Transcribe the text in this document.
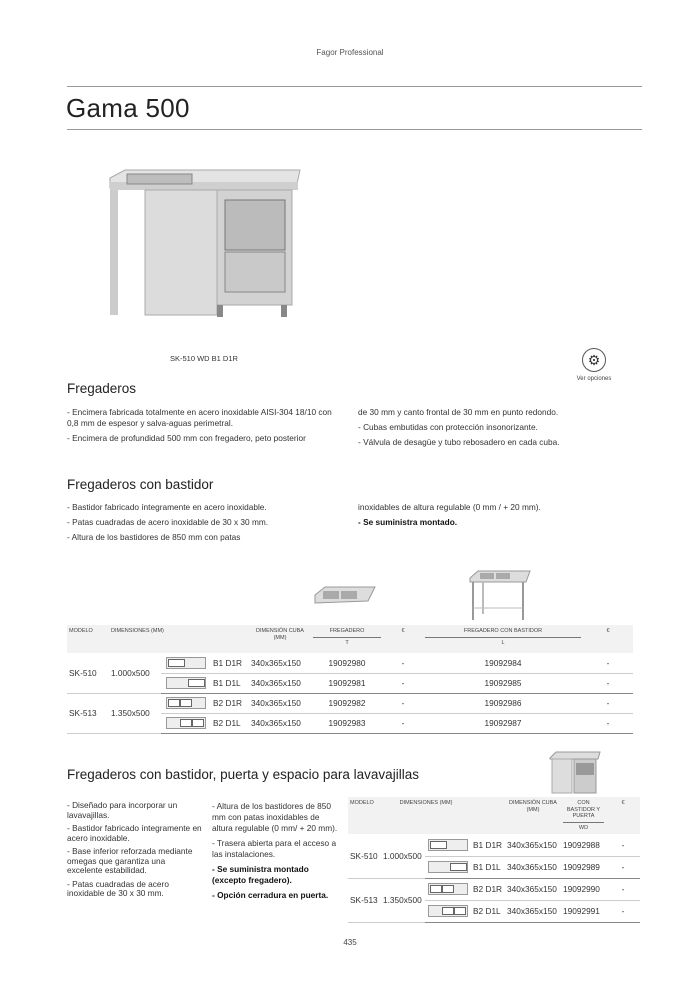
Fagor Professional
Gama 500
SK-510 WD B1 D1R	⚙
Ver opciones
Fregaderos
- Encimera fabricada totalmente en acero inoxidable AISI-304 18/10 con 0,8 mm de espesor y salva-aguas perimetral.
- Encimera de profundidad 500 mm con fregadero, peto posterior
de 30 mm y canto frontal de 30 mm en punto redondo.
- Cubas embutidas con protección insonorizante.
- Válvula de desagüe y tubo rebosadero en cada cuba.
Fregaderos con bastidor
- Bastidor fabricado íntegramente en acero inoxidable.
- Patas cuadradas de acero inoxidable de 30 x 30 mm.
- Altura de los bastidores de 850 mm con patas
inoxidables de altura regulable (0 mm / + 20 mm).
- Se suministra montado.
MODELO	DIMENSIONES (MM)			DIMENSIÓN CUBA (MM)	FREGADERO
T	€	FREGADERO CON BASTIDOR
L	€
SK-510	1.000x500		B1 D1R	340x365x150	19092980	-	19092984	-

			B1 D1L	340x365x150	19092981	-	19092985	-
SK-513	1.350x500		B2 D1R	340x365x150	19092982	-	19092986	-

			B2 D1L	340x365x150	19092983	-	19092987	-
Fregaderos con bastidor, puerta y espacio para lavavajillas
- Diseñado para incorporar un lavavajillas.
- Bastidor fabricado íntegramente en acero inoxidable.
- Base inferior reforzada mediante omegas que garantiza una excelente estabilidad.
- Patas cuadradas de acero inoxidable de 30 x 30 mm.
- Altura de los bastidores de 850 mm con patas inoxidables de altura regulable (0 mm/ + 20 mm).
- Trasera abierta para el acceso a las instalaciones.
- Se suministra montado (excepto fregadero).
- Opción cerradura en puerta.
MODELO	DIMENSIONES (MM)			DIMENSIÓN CUBA (MM)	CON BASTIDOR Y PUERTA
WD	€
SK-510	1.000x500		B1 D1R	340x365x150	19092988	-

			B1 D1L	340x365x150	19092989	-
SK-513	1.350x500		B2 D1R	340x365x150	19092990	-

			B2 D1L	340x365x150	19092991	-
435
